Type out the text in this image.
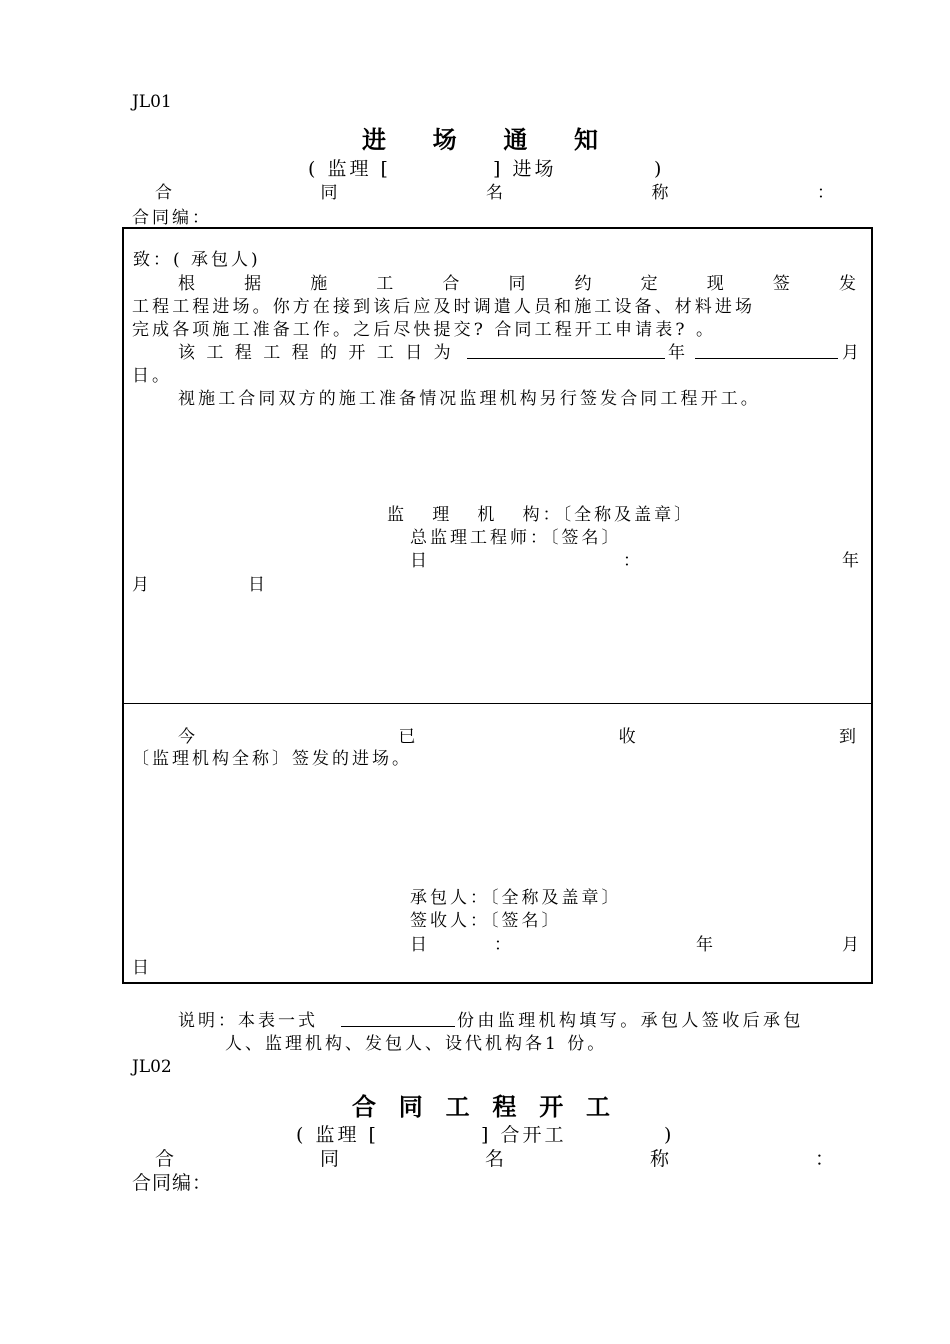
JL01
进 场 通 知
( 监理 [	] 进场	)
合	同	名	称	：
合同编：
致：( 承包人)
根	据	施	工	合	同	约	定	现	签	发
工程工程进场。你方在接到该后应及时调遣人员和施工设备、材料进场
完成各项施工准备工作。之后尽快提交? 合同工程开工申请表? 。
该 工 程 工 程 的 开 工 日 为	年	月
日。
视施工合同双方的施工准备情况监理机构另行签发合同工程开工。
监   理   机   构：〔全称及盖章〕
总监理工程师：〔签名〕
日	：	年
月	日
今	已	收	到
〔监理机构全称〕签发的进场。
承包人：〔全称及盖章〕
签收人：〔签名〕
日	：	年	月
日
说明：本表一式	份由监理机构填写。承包人签收后承包
人、监理机构、发包人、设代机构各1 份。
JL02
合 同 工 程 开 工
( 监理 [	] 合开工	)
合	同	名	称	：
合同编：
